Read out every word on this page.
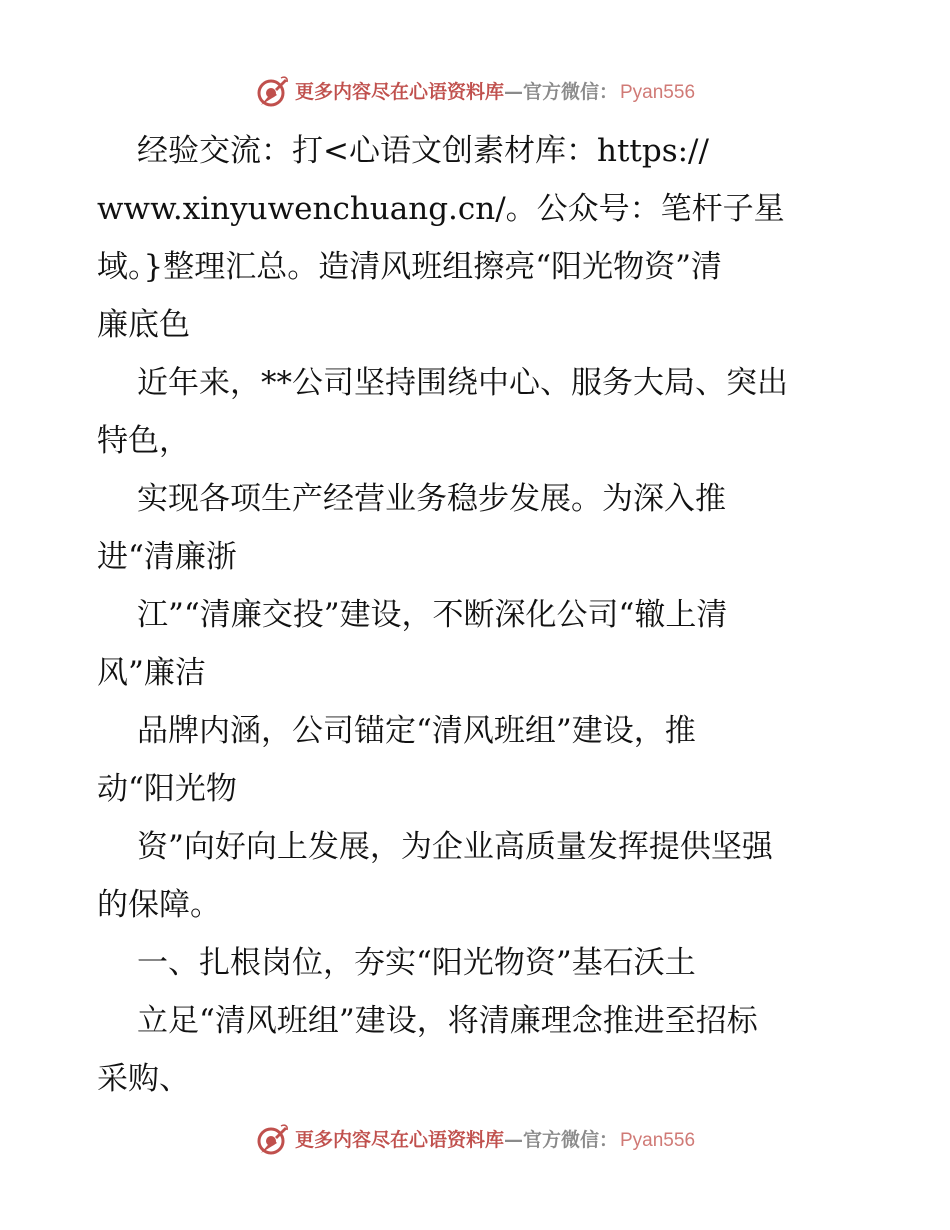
更多内容尽在心语资料库 — 官方微信： Pyan556
经验交流：打<心语文创素材库：https://
www.xinyuwenchuang.cn/。公众号：笔杆子星
域。}整理汇总。造清风班组擦亮“阳光物资”清
廉底色
近年来，**公司坚持围绕中心、服务大局、突出
特色，
实现各项生产经营业务稳步发展。为深入推
进“清廉浙
江”“清廉交投”建设，不断深化公司“辙上清
风”廉洁
品牌内涵，公司锚定“清风班组”建设，推
动“阳光物
资”向好向上发展，为企业高质量发挥提供坚强
的保障。
一、扎根岗位，夯实“阳光物资”基石沃土
立足“清风班组”建设，将清廉理念推进至招标
采购、
更多内容尽在心语资料库 — 官方微信： Pyan556
